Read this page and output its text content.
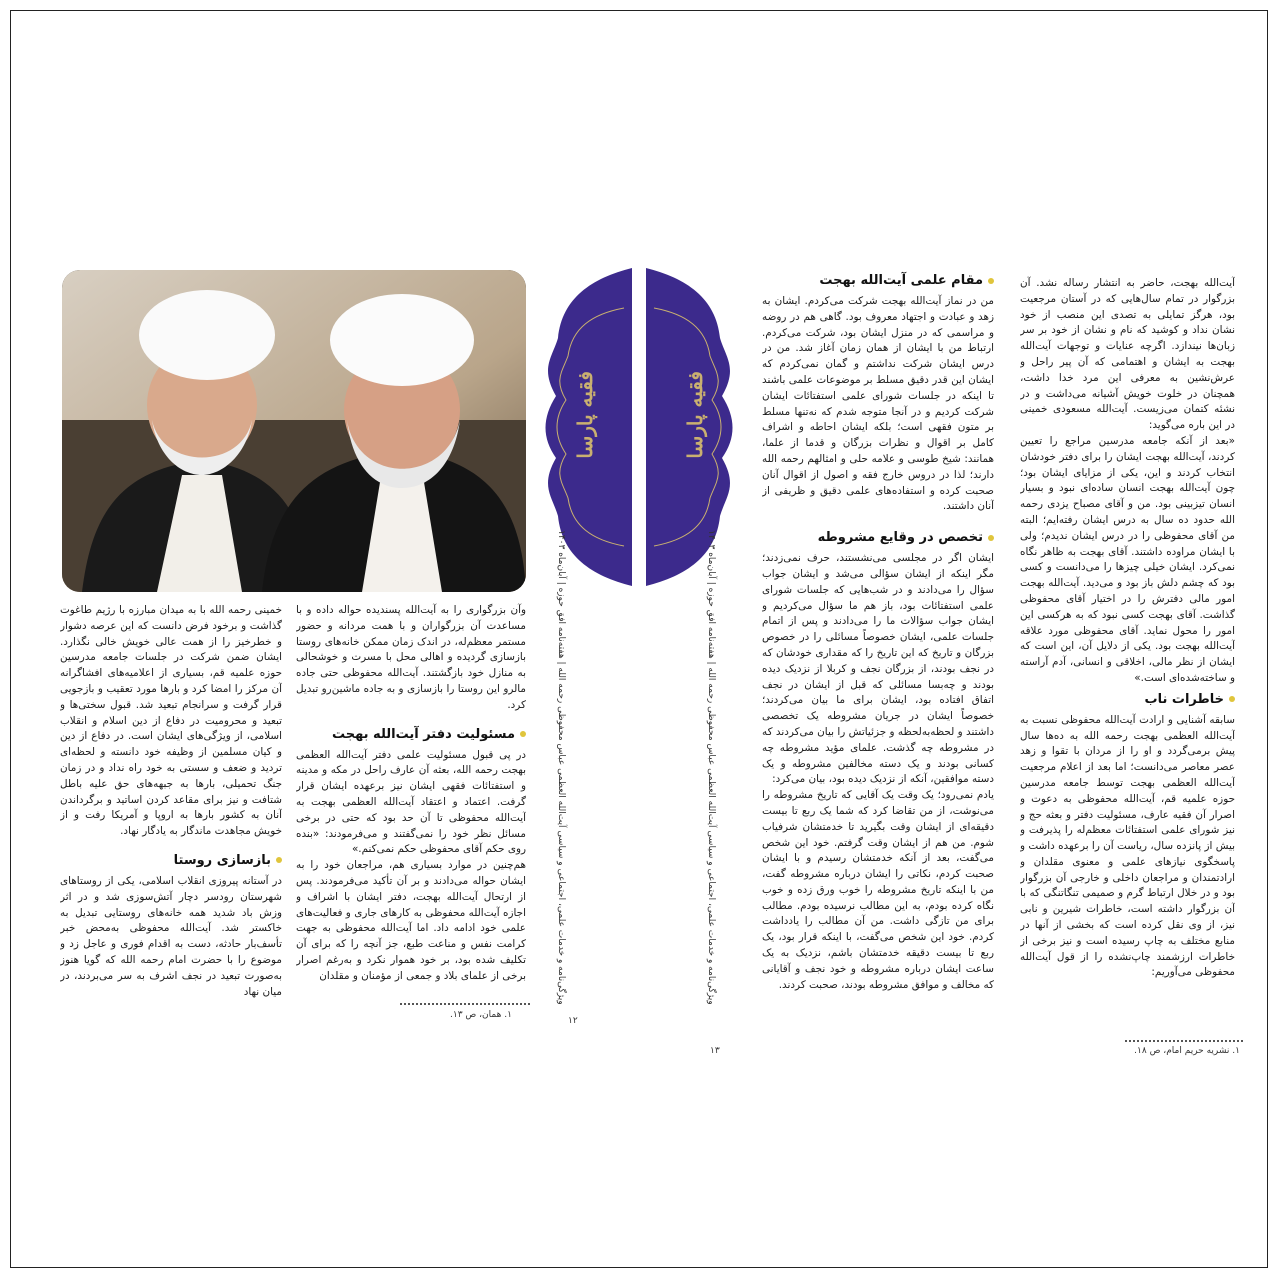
آیت‌الله بهجت، حاضر به انتشار رساله نشد. آن بزرگوار در تمام سال‌هایی که در آستان مرجعیت بود، هرگز تمایلی به تصدی این منصب از خود نشان نداد و کوشید که نام و نشان از خود بر سر زبان‌ها نیندازد. اگرچه عنایات و توجهات آیت‌الله بهجت به ایشان و اهتمامی که آن پیر راحل و عرش‌نشین به معرفی این مرد خدا داشت، همچنان در خلوت خویش آشیانه می‌داشت و در نشئه کتمان می‌زیست. آیت‌الله مسعودی خمینی در این باره می‌گوید:

«بعد از آنکه جامعه مدرسین مراجع را تعیین کردند، آیت‌الله بهجت ایشان را برای دفتر خودشان انتخاب کردند و این، یکی از مزایای ایشان بود؛ چون آیت‌الله بهجت انسان ساده‌ای نبود و بسیار انسان تیزبینی بود. من و آقای مصباح یزدی رحمه الله حدود ده سال به درس ایشان رفته‌ایم؛ البته من آقای محفوظی را در درس ایشان ندیدم؛ ولی با ایشان مراوده داشتند. آقای بهجت به ظاهر نگاه نمی‌کرد. ایشان خیلی چیزها را می‌دانست و کسی بود که چشم دلش باز بود و می‌دید. آیت‌الله بهجت امور مالی دفترش را در اختیار آقای محفوظی گذاشت. آقای بهجت کسی نبود که به هرکسی این امور را محول نماید. آقای محفوظی مورد علاقه آیت‌الله بهجت بود. یکی از دلایل آن، این است که ایشان از نظر مالی، اخلاقی و انسانی، آدم آراسته و ساخته‌شده‌ای است.»

خاطرات ناب

سابقه آشنایی و ارادت آیت‌الله محفوظی نسبت به آیت‌الله العظمی بهجت رحمه الله به ده‌ها سال پیش برمی‌گردد و او را از مردان با تقوا و زهد عصر معاصر می‌دانست؛ اما بعد از اعلام مرجعیت آیت‌الله العظمی بهجت توسط جامعه مدرسین حوزه علمیه قم، آیت‌الله محفوظی به دعوت و اصرار آن فقیه عارف، مسئولیت دفتر و بعثه حج و نیز شورای علمی استفتائات معظم‌له را پذیرفت و بیش از پانزده سال، ریاست آن را برعهده داشت و پاسخگوی نیازهای علمی و معنوی مقلدان و ارادتمندان و مراجعان داخلی و خارجی آن بزرگوار بود و در خلال ارتباط گرم و صمیمی تنگاتنگی که با آن بزرگوار داشته است، خاطرات شیرین و نابی نیز، از وی نقل کرده است که بخشی از آنها در منابع مختلف به چاپ رسیده است و نیز برخی از خاطرات ارزشمند چاپ‌نشده را از قول آیت‌الله محفوظی می‌آوریم:

مقام علمی آیت‌الله بهجت

من در نماز آیت‌الله بهجت شرکت می‌کردم. ایشان به زهد و عبادت و اجتهاد معروف بود. گاهی هم در روضه و مراسمی که در منزل ایشان بود، شرکت می‌کردم. ارتباط من با ایشان از همان زمان آغاز شد. من در درس ایشان شرکت نداشتم و گمان نمی‌کردم که ایشان این قدر دقیق مسلط بر موضوعات علمی باشند تا اینکه در جلسات شورای علمی استفتائات ایشان شرکت کردیم و در آنجا متوجه شدم که نه‌تنها مسلط بر متون فقهی است؛ بلکه ایشان احاطه و اشراف کامل بر اقوال و نظرات بزرگان و قدما از علما، همانند: شیخ طوسی و علامه حلی و امثالهم رحمه الله دارند؛ لذا در دروس خارج فقه و اصول از اقوال آنان صحبت کرده و استفاده‌های علمی دقیق و ظریفی از آنان داشتند.

تخصص در وقایع مشروطه

ایشان اگر در مجلسی می‌نشستند، حرف نمی‌زدند؛ مگر اینکه از ایشان سؤالی می‌شد و ایشان جواب سؤال را می‌دادند و در شب‌هایی که جلسات شورای علمی استفتائات بود، باز هم ما سؤال می‌کردیم و ایشان جواب سؤالات ما را می‌دادند و پس از اتمام جلسات علمی، ایشان خصوصاً مسائلی را در خصوص بزرگان و تاریخ که این تاریخ را که مقداری خودشان که در نجف بودند، از بزرگان نجف و کربلا از نزدیک دیده بودند و چه‌بسا مسائلی که قبل از ایشان در نجف اتفاق افتاده بود، ایشان برای ما بیان می‌کردند؛ خصوصاً ایشان در جریان مشروطه یک تخصصی داشتند و لحظه‌به‌لحظه و جزئیاتش را بیان می‌کردند که در مشروطه چه گذشت. علمای مؤید مشروطه چه کسانی بودند و یک دسته مخالفین مشروطه و یک دسته موافقین، آنکه از نزدیک دیده بود، بیان می‌کرد:

یادم نمی‌رود؛ یک وقت یک آقایی که تاریخ مشروطه را می‌نوشت، از من تقاضا کرد که شما یک ربع تا بیست دقیقه‌ای از ایشان وقت بگیرید تا خدمتشان شرفیاب شوم. من هم از ایشان وقت گرفتم. خود این شخص می‌گفت، بعد از آنکه خدمتشان رسیدم و با ایشان صحبت کردم، نکاتی را ایشان درباره مشروطه گفت، من با اینکه تاریخ مشروطه را خوب ورق زده و خوب نگاه کرده بودم، به این مطالب نرسیده بودم. مطالب برای من تازگی داشت. من آن مطالب را یادداشت کردم. خود این شخص می‌گفت، با اینکه قرار بود، یک ربع تا بیست دقیقه خدمتشان باشم، نزدیک به یک ساعت ایشان درباره مشروطه و خود نجف و آقایانی که مخالف و موافق مشروطه بودند، صحبت کردند.

۱. نشریه حریم امام، ص ۱۸.
فقیه پارسا
ویژگی‌نامه و خدمات علمی، اجتماعی و سیاسی آیت‌الله العظمی عباس محفوظی رحمه الله | هفته‌نامه افق حوزه | آبان‌ماه ۱۴۰۳
۱۳
فقیه پارسا
ویژگی‌نامه و خدمات علمی، اجتماعی و سیاسی آیت‌الله العظمی عباس محفوظی رحمه الله | هفته‌نامه افق حوزه | آبان‌ماه ۱۴۰۳
۱۲

وآن بزرگواری را به آیت‌الله پسندیده حواله داده و با مساعدت آن بزرگواران و با همت مردانه و حضور مستمر معظم‌له، در اندک زمان ممکن خانه‌های روستا بازسازی گردیده و اهالی محل با مسرت و خوشحالی به منازل خود بازگشتند. آیت‌الله محفوظی حتی جاده مالرو این روستا را بازسازی و به جاده ماشین‌رو تبدیل کرد.

مسئولیت دفتر آیت‌الله بهجت

در پی قبول مسئولیت علمی دفتر آیت‌الله العظمی بهجت رحمه الله، بعثه آن عارف راحل در مکه و مدینه و استفتائات فقهی ایشان نیز برعهده ایشان قرار گرفت. اعتماد و اعتقاد آیت‌الله العظمی بهجت به آیت‌الله محفوظی تا آن حد بود که حتی در برخی مسائل نظر خود را نمی‌گفتند و می‌فرمودند: «بنده روی حکم آقای محفوظی حکم نمی‌کنم.»

هم‌چنین در موارد بسیاری هم، مراجعان خود را به ایشان حواله می‌دادند و بر آن تأکید می‌فرمودند. پس از ارتحال آیت‌الله بهجت، دفتر ایشان با اشراف و اجازه آیت‌الله محفوظی به کارهای جاری و فعالیت‌های علمی خود ادامه داد. اما آیت‌الله محفوظی به جهت کرامت نفس و مناعت طبع، جز آنچه را که برای آن تکلیف شده بود، بر خود هموار نکرد و به‌رغم اصرار برخی از علمای بلاد و جمعی از مؤمنان و مقلدان

خمینی رحمه الله با به میدان مبارزه با رژیم طاغوت گذاشت و برخود فرض دانست که این عرصه دشوار و خطرخیز را از همت عالی خویش خالی نگذارد. ایشان ضمن شرکت در جلسات جامعه مدرسین حوزه علمیه قم، بسیاری از اعلامیه‌های افشاگرانه آن مرکز را امضا کرد و بارها مورد تعقیب و بازجویی قرار گرفت و سرانجام تبعید شد. قبول سختی‌ها و تبعید و محرومیت در دفاع از دین اسلام و انقلاب اسلامی، از ویژگی‌های ایشان است. در دفاع از دین و کیان مسلمین از وظیفه خود دانسته و لحظه‌ای تردید و ضعف و سستی به خود راه نداد و در زمان جنگ تحمیلی، بارها به جبهه‌های حق علیه باطل شتافت و نیز برای مقاعد کردن اساتید و برگرداندن آنان به کشور بارها به اروپا و آمریکا رفت و از خویش مجاهدت ماندگار به یادگار نهاد.

بازسازی روستا

در آستانه پیروزی انقلاب اسلامی، یکی از روستاهای شهرستان رودسر دچار آتش‌سوزی شد و در اثر وزش باد شدید همه خانه‌های روستایی تبدیل به خاکستر شد. آیت‌الله محفوظی به‌محض خبر تأسف‌بار حادثه، دست به اقدام فوری و عاجل زد و موضوع را با حضرت امام رحمه الله که گویا هنوز به‌صورت تبعید در نجف اشرف به سر می‌بردند، در میان نهاد

۱. همان، ص ۱۳.
